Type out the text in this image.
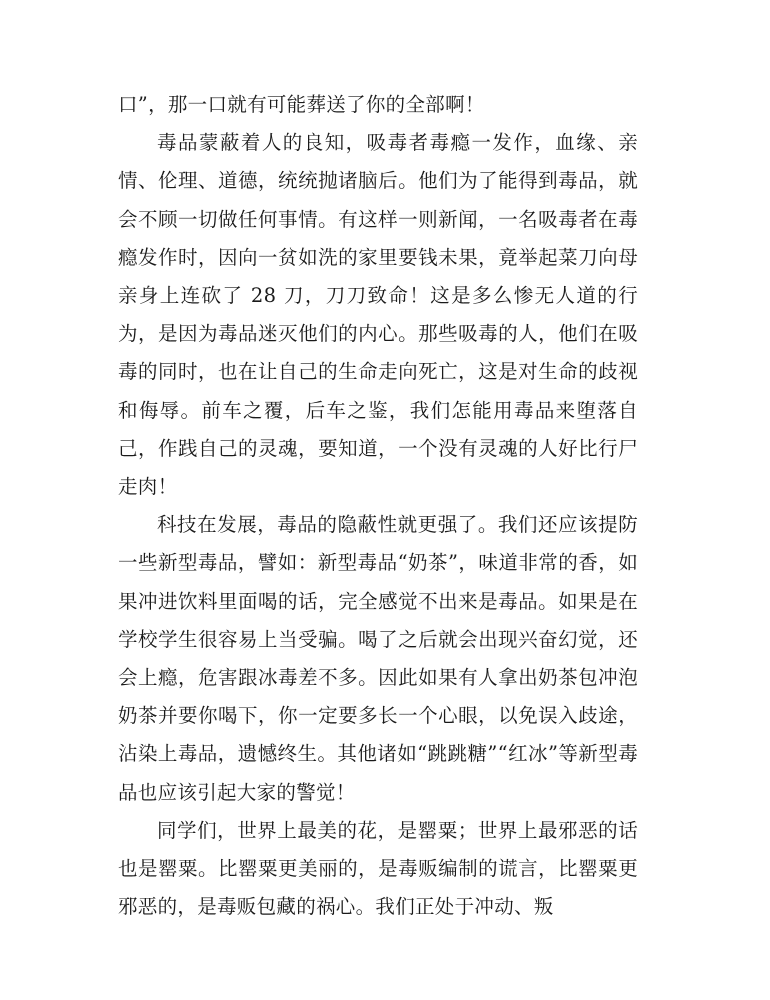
口”，那一口就有可能葬送了你的全部啊！

毒品蒙蔽着人的良知，吸毒者毒瘾一发作，血缘、亲情、伦理、道德，统统抛诸脑后。他们为了能得到毒品，就会不顾一切做任何事情。有这样一则新闻，一名吸毒者在毒瘾发作时，因向一贫如洗的家里要钱未果，竟举起菜刀向母亲身上连砍了 28 刀，刀刀致命！这是多么惨无人道的行为，是因为毒品迷灭他们的内心。那些吸毒的人，他们在吸毒的同时，也在让自己的生命走向死亡，这是对生命的歧视和侮辱。前车之覆，后车之鉴，我们怎能用毒品来堕落自己，作践自己的灵魂，要知道，一个没有灵魂的人好比行尸走肉！

科技在发展，毒品的隐蔽性就更强了。我们还应该提防一些新型毒品，譬如：新型毒品“奶茶”，味道非常的香，如果冲进饮料里面喝的话，完全感觉不出来是毒品。如果是在学校学生很容易上当受骗。喝了之后就会出现兴奋幻觉，还会上瘾，危害跟冰毒差不多。因此如果有人拿出奶茶包冲泡奶茶并要你喝下，你一定要多长一个心眼，以免误入歧途，沾染上毒品，遗憾终生。其他诸如“跳跳糖”“红冰”等新型毒品也应该引起大家的警觉！

同学们，世界上最美的花，是罂粟；世界上最邪恶的话也是罂粟。比罂粟更美丽的，是毒贩编制的谎言，比罂粟更邪恶的，是毒贩包藏的祸心。我们正处于冲动、叛
